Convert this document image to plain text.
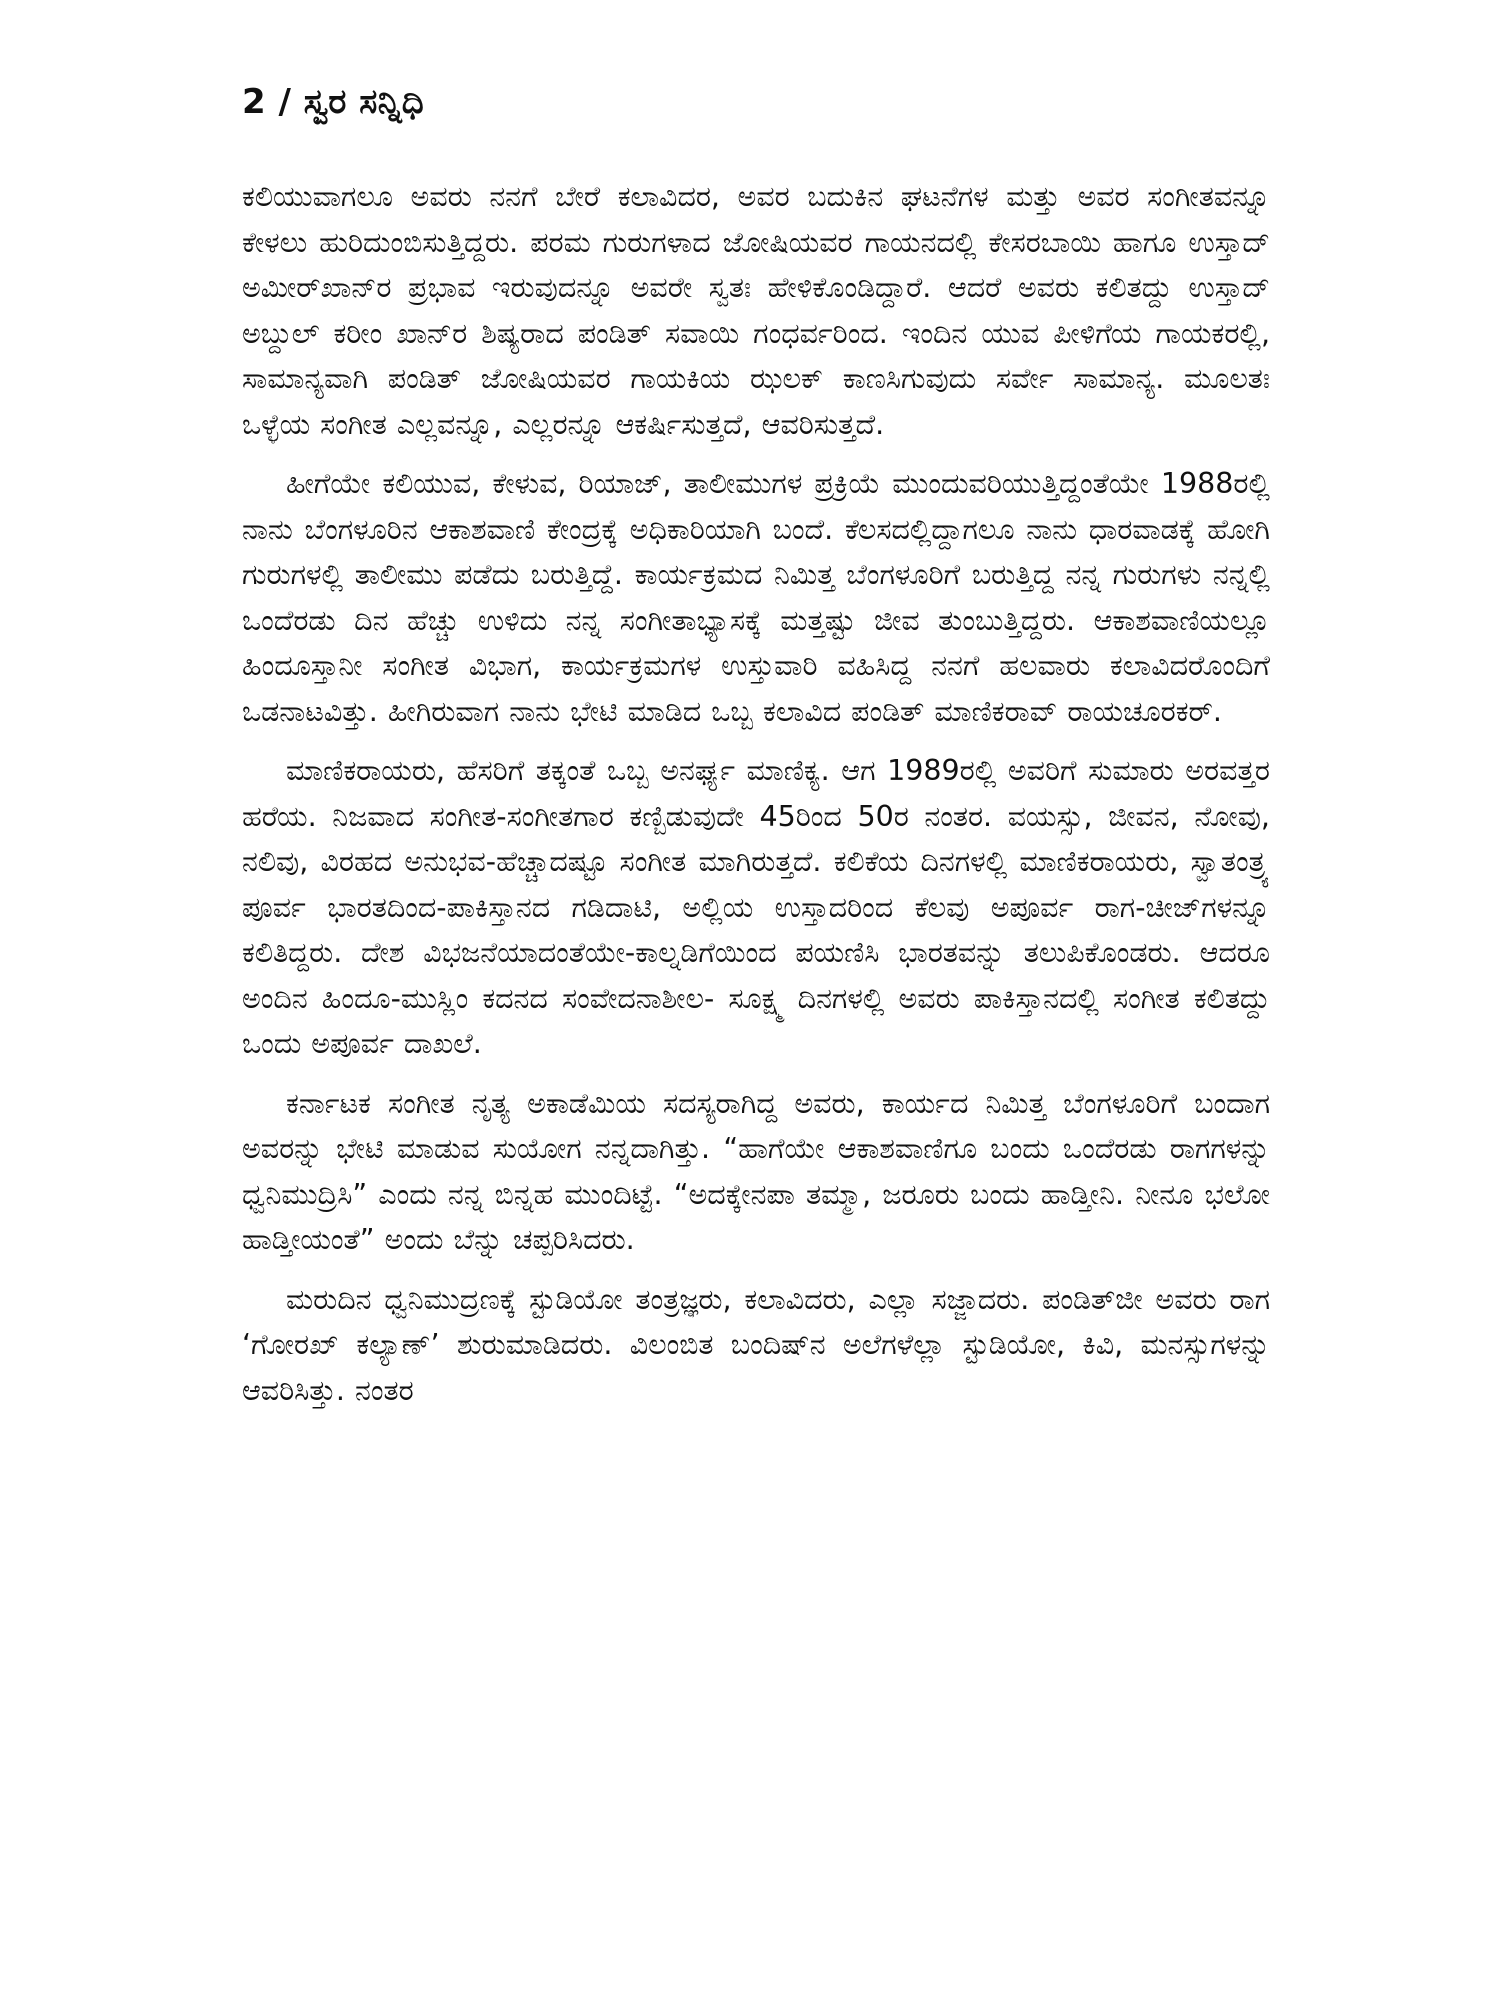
2 / ಸ್ವರ ಸನ್ನಿಧಿ

ಕಲಿಯುವಾಗಲೂ ಅವರು ನನಗೆ ಬೇರೆ ಕಲಾವಿದರ, ಅವರ ಬದುಕಿನ ಘಟನೆಗಳ ಮತ್ತು ಅವರ ಸಂಗೀತವನ್ನೂ ಕೇಳಲು ಹುರಿದುಂಬಿಸುತ್ತಿದ್ದರು. ಪರಮ ಗುರುಗಳಾದ ಜೋಷಿಯವರ ಗಾಯನದಲ್ಲಿ ಕೇಸರಬಾಯಿ ಹಾಗೂ ಉಸ್ತಾದ್ ಅಮೀರ್‌ಖಾನ್‌ರ ಪ್ರಭಾವ ಇರುವುದನ್ನೂ ಅವರೇ ಸ್ವತಃ ಹೇಳಿಕೊಂಡಿದ್ದಾರೆ. ಆದರೆ ಅವರು ಕಲಿತದ್ದು ಉಸ್ತಾದ್ ಅಬ್ದುಲ್ ಕರೀಂ ಖಾನ್‌ರ ಶಿಷ್ಯರಾದ ಪಂಡಿತ್ ಸವಾಯಿ ಗಂಧರ್ವರಿಂದ. ಇಂದಿನ ಯುವ ಪೀಳಿಗೆಯ ಗಾಯಕರಲ್ಲಿ, ಸಾಮಾನ್ಯವಾಗಿ ಪಂಡಿತ್ ಜೋಷಿಯವರ ಗಾಯಕಿಯ ಝಲಕ್ ಕಾಣಸಿಗುವುದು ಸರ್ವೇ ಸಾಮಾನ್ಯ. ಮೂಲತಃ ಒಳ್ಳೆಯ ಸಂಗೀತ ಎಲ್ಲವನ್ನೂ, ಎಲ್ಲರನ್ನೂ ಆಕರ್ಷಿಸುತ್ತದೆ, ಆವರಿಸುತ್ತದೆ.

ಹೀಗೆಯೇ ಕಲಿಯುವ, ಕೇಳುವ, ರಿಯಾಜ್, ತಾಲೀಮುಗಳ ಪ್ರಕ್ರಿಯೆ ಮುಂದುವರಿಯುತ್ತಿದ್ದಂತೆಯೇ 1988ರಲ್ಲಿ ನಾನು ಬೆಂಗಳೂರಿನ ಆಕಾಶವಾಣಿ ಕೇಂದ್ರಕ್ಕೆ ಅಧಿಕಾರಿಯಾಗಿ ಬಂದೆ. ಕೆಲಸದಲ್ಲಿದ್ದಾಗಲೂ ನಾನು ಧಾರವಾಡಕ್ಕೆ ಹೋಗಿ ಗುರುಗಳಲ್ಲಿ ತಾಲೀಮು ಪಡೆದು ಬರುತ್ತಿದ್ದೆ. ಕಾರ್ಯಕ್ರಮದ ನಿಮಿತ್ತ ಬೆಂಗಳೂರಿಗೆ ಬರುತ್ತಿದ್ದ ನನ್ನ ಗುರುಗಳು ನನ್ನಲ್ಲಿ ಒಂದೆರಡು ದಿನ ಹೆಚ್ಚು ಉಳಿದು ನನ್ನ ಸಂಗೀತಾಭ್ಯಾಸಕ್ಕೆ ಮತ್ತಷ್ಟು ಜೀವ ತುಂಬುತ್ತಿದ್ದರು. ಆಕಾಶವಾಣಿಯಲ್ಲೂ ಹಿಂದೂಸ್ತಾನೀ ಸಂಗೀತ ವಿಭಾಗ, ಕಾರ್ಯಕ್ರಮಗಳ ಉಸ್ತುವಾರಿ ವಹಿಸಿದ್ದ ನನಗೆ ಹಲವಾರು ಕಲಾವಿದರೊಂದಿಗೆ ಒಡನಾಟವಿತ್ತು. ಹೀಗಿರುವಾಗ ನಾನು ಭೇಟಿ ಮಾಡಿದ ಒಬ್ಬ ಕಲಾವಿದ ಪಂಡಿತ್ ಮಾಣಿಕರಾವ್ ರಾಯಚೂರಕರ್.

ಮಾಣಿಕರಾಯರು, ಹೆಸರಿಗೆ ತಕ್ಕಂತೆ ಒಬ್ಬ ಅನರ್ಘ್ಯ ಮಾಣಿಕ್ಯ. ಆಗ 1989ರಲ್ಲಿ ಅವರಿಗೆ ಸುಮಾರು ಅರವತ್ತರ ಹರೆಯ. ನಿಜವಾದ ಸಂಗೀತ-ಸಂಗೀತಗಾರ ಕಣ್ಬಿಡುವುದೇ 45ರಿಂದ 50ರ ನಂತರ. ವಯಸ್ಸು, ಜೀವನ, ನೋವು, ನಲಿವು, ವಿರಹದ ಅನುಭವ-ಹೆಚ್ಚಾದಷ್ಟೂ ಸಂಗೀತ ಮಾಗಿರುತ್ತದೆ. ಕಲಿಕೆಯ ದಿನಗಳಲ್ಲಿ ಮಾಣಿಕರಾಯರು, ಸ್ವಾತಂತ್ರ್ಯ ಪೂರ್ವ ಭಾರತದಿಂದ-ಪಾಕಿಸ್ತಾನದ ಗಡಿದಾಟಿ, ಅಲ್ಲಿಯ ಉಸ್ತಾದರಿಂದ ಕೆಲವು ಅಪೂರ್ವ ರಾಗ-ಚೀಜ್‌ಗಳನ್ನೂ ಕಲಿತಿದ್ದರು. ದೇಶ ವಿಭಜನೆಯಾದಂತೆಯೇ-ಕಾಲ್ನಡಿಗೆಯಿಂದ ಪಯಣಿಸಿ ಭಾರತವನ್ನು ತಲುಪಿಕೊಂಡರು. ಆದರೂ ಅಂದಿನ ಹಿಂದೂ-ಮುಸ್ಲಿಂ ಕದನದ ಸಂವೇದನಾಶೀಲ- ಸೂಕ್ಷ್ಮ ದಿನಗಳಲ್ಲಿ ಅವರು ಪಾಕಿಸ್ತಾನದಲ್ಲಿ ಸಂಗೀತ ಕಲಿತದ್ದು ಒಂದು ಅಪೂರ್ವ ದಾಖಲೆ.

ಕರ್ನಾಟಕ ಸಂಗೀತ ನೃತ್ಯ ಅಕಾಡೆಮಿಯ ಸದಸ್ಯರಾಗಿದ್ದ ಅವರು, ಕಾರ್ಯದ ನಿಮಿತ್ತ ಬೆಂಗಳೂರಿಗೆ ಬಂದಾಗ ಅವರನ್ನು ಭೇಟಿ ಮಾಡುವ ಸುಯೋಗ ನನ್ನದಾಗಿತ್ತು. “ಹಾಗೆಯೇ ಆಕಾಶವಾಣಿಗೂ ಬಂದು ಒಂದೆರಡು ರಾಗಗಳನ್ನು ಧ್ವನಿಮುದ್ರಿಸಿ” ಎಂದು ನನ್ನ ಬಿನ್ನಹ ಮುಂದಿಟ್ಟೆ. “ಅದಕ್ಕೇನಪಾ ತಮ್ಮಾ, ಜರೂರು ಬಂದು ಹಾಡ್ತೀನಿ. ನೀನೂ ಭಲೋ ಹಾಡ್ತೀಯಂತೆ” ಅಂದು ಬೆನ್ನು ಚಪ್ಪರಿಸಿದರು.

ಮರುದಿನ ಧ್ವನಿಮುದ್ರಣಕ್ಕೆ ಸ್ಟುಡಿಯೋ ತಂತ್ರಜ್ಞರು, ಕಲಾವಿದರು, ಎಲ್ಲಾ ಸಜ್ಜಾದರು. ಪಂಡಿತ್‌ಜೀ ಅವರು ರಾಗ ‘ಗೋರಖ್ ಕಲ್ಯಾಣ್’ ಶುರುಮಾಡಿದರು. ವಿಲಂಬಿತ ಬಂದಿಷ್‌ನ ಅಲೆಗಳೆಲ್ಲಾ ಸ್ಟುಡಿಯೋ, ಕಿವಿ, ಮನಸ್ಸುಗಳನ್ನು ಆವರಿಸಿತ್ತು. ನಂತರ
